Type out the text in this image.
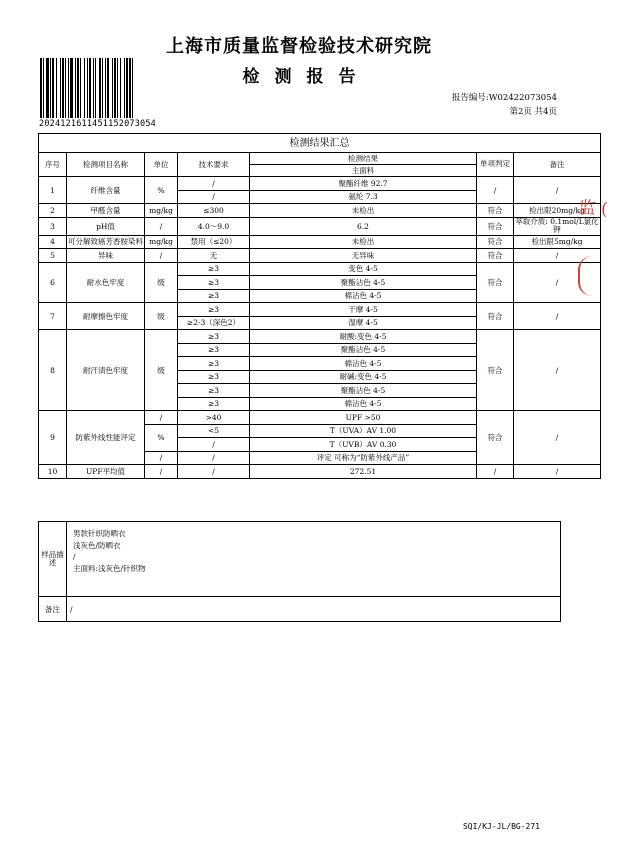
上海市质量监督检验技术研究院
检测报告
20241216114511520730​54
报告编号:W02422073054
第2页 共4页
检测结果汇总						
序号	检测项目名称	单位	技术要求	检测结果	单项判定	备注
				主面料		
1	纤维含量	%	/	聚酯纤维 92.7	/	/
			/	氨纶 7.3		
2	甲醛含量	mg/kg	≤300	未检出	符合	检出限20mg/kg
3	pH值	/	4.0～9.0	6.2	符合	萃取介质: 0.1mol/L氯化钾
4	可分解致癌芳香胺染料	mg/kg	禁用（≤20）	未检出	符合	检出限5mg/kg
5	异味	/	无	无异味	符合	/
6	耐水色牢度	级	≥3	变色 4-5	符合	/
			≥3	聚酯沾色 4-5		
			≥3	棉沾色 4-5		
7	耐摩擦色牢度	级	≥3	干摩 4-5	符合	/
			≥2-3（深色2）	湿摩 4-5		
8	耐汗渍色牢度	级	≥3	耐酸:变色 4-5	符合	/
			≥3	聚酯沾色 4-5		
			≥3	棉沾色 4-5		
			≥3	耐碱:变色 4-5		
			≥3	聚酯沾色 4-5		
			≥3	棉沾色 4-5		
9	防紫外线性能评定	/	>40	UPF >50	符合	/
		%	<5	T（UVA）AV 1.00		
			/	T（UVB）AV 0.30		
		/	/	评定 可称为“防紫外线产品”		
10	UPF平均值	/	/	272.51	/	/
样品描述	男款针织防晒衣
浅灰色/防晒衣
/
主面料:浅灰色/针织物

备注	/
监 (
SQI/KJ-JL/BG-271
